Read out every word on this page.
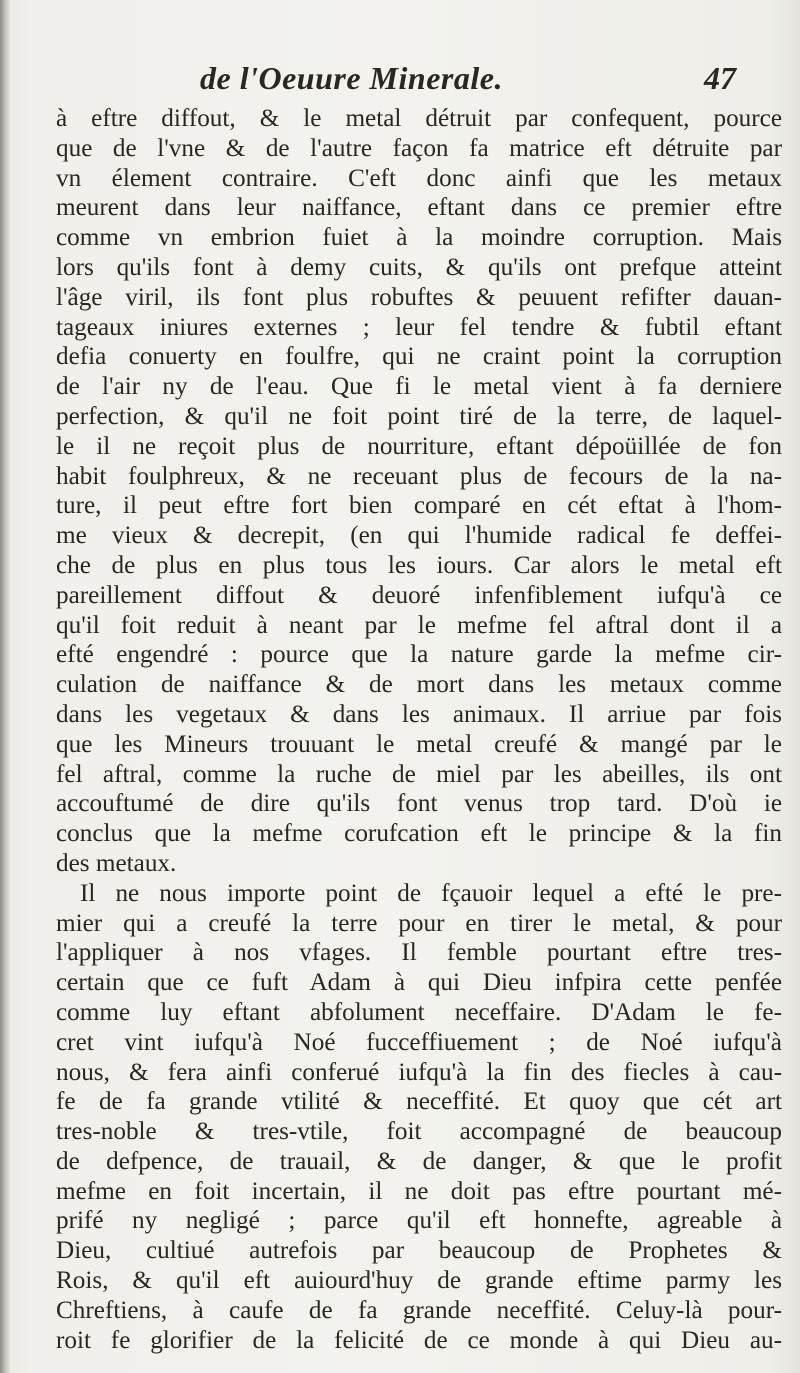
de l'Oeuure Minerale.	47
à eftre diffout, & le metal détruit par confequent, pource
que de l'vne & de l'autre façon fa matrice eft détruite par
vn élement contraire. C'eft donc ainfi que les metaux
meurent dans leur naiffance, eftant dans ce premier eftre
comme vn embrion fuiet à la moindre corruption. Mais
lors qu'ils font à demy cuits, & qu'ils ont prefque atteint
l'âge viril, ils font plus robuftes & peuuent refifter dauan-
tageaux iniures externes ; leur fel tendre & fubtil eftant
defia conuerty en foulfre, qui ne craint point la corruption
de l'air ny de l'eau. Que fi le metal vient à fa derniere
perfection, & qu'il ne foit point tiré de la terre, de laquel-
le il ne reçoit plus de nourriture, eftant dépoüillée de fon
habit foulphreux, & ne receuant plus de fecours de la na-
ture, il peut eftre fort bien comparé en cét eftat à l'hom-
me vieux & decrepit, (en qui l'humide radical fe deffei-
che de plus en plus tous les iours. Car alors le metal eft
pareillement diffout & deuoré infenfiblement iufqu'à ce
qu'il foit reduit à neant par le mefme fel aftral dont il a
efté engendré : pource que la nature garde la mefme cir-
culation de naiffance & de mort dans les metaux comme
dans les vegetaux & dans les animaux. Il arriue par fois
que les Mineurs trouuant le metal creufé & mangé par le
fel aftral, comme la ruche de miel par les abeilles, ils ont
accouftumé de dire qu'ils font venus trop tard. D'où ie
conclus que la mefme corufcation eft le principe & la fin
des metaux.
Il ne nous importe point de fçauoir lequel a efté le pre-
mier qui a creufé la terre pour en tirer le metal, & pour
l'appliquer à nos vfages. Il femble pourtant eftre tres-
certain que ce fuft Adam à qui Dieu infpira cette penfée
comme luy eftant abfolument neceffaire. D'Adam le fe-
cret vint iufqu'à Noé fucceffiuement ; de Noé iufqu'à
nous, & fera ainfi conferué iufqu'à la fin des fiecles à cau-
fe de fa grande vtilité & neceffité. Et quoy que cét art
tres-noble & tres-vtile, foit accompagné de beaucoup
de defpence, de trauail, & de danger, & que le profit
mefme en foit incertain, il ne doit pas eftre pourtant mé-
prifé ny negligé ; parce qu'il eft honnefte, agreable à
Dieu, cultiué autrefois par beaucoup de Prophetes &
Rois, & qu'il eft auiourd'huy de grande eftime parmy les
Chreftiens, à caufe de fa grande neceffité. Celuy-là pour-
roit fe glorifier de la felicité de ce monde à qui Dieu au-
